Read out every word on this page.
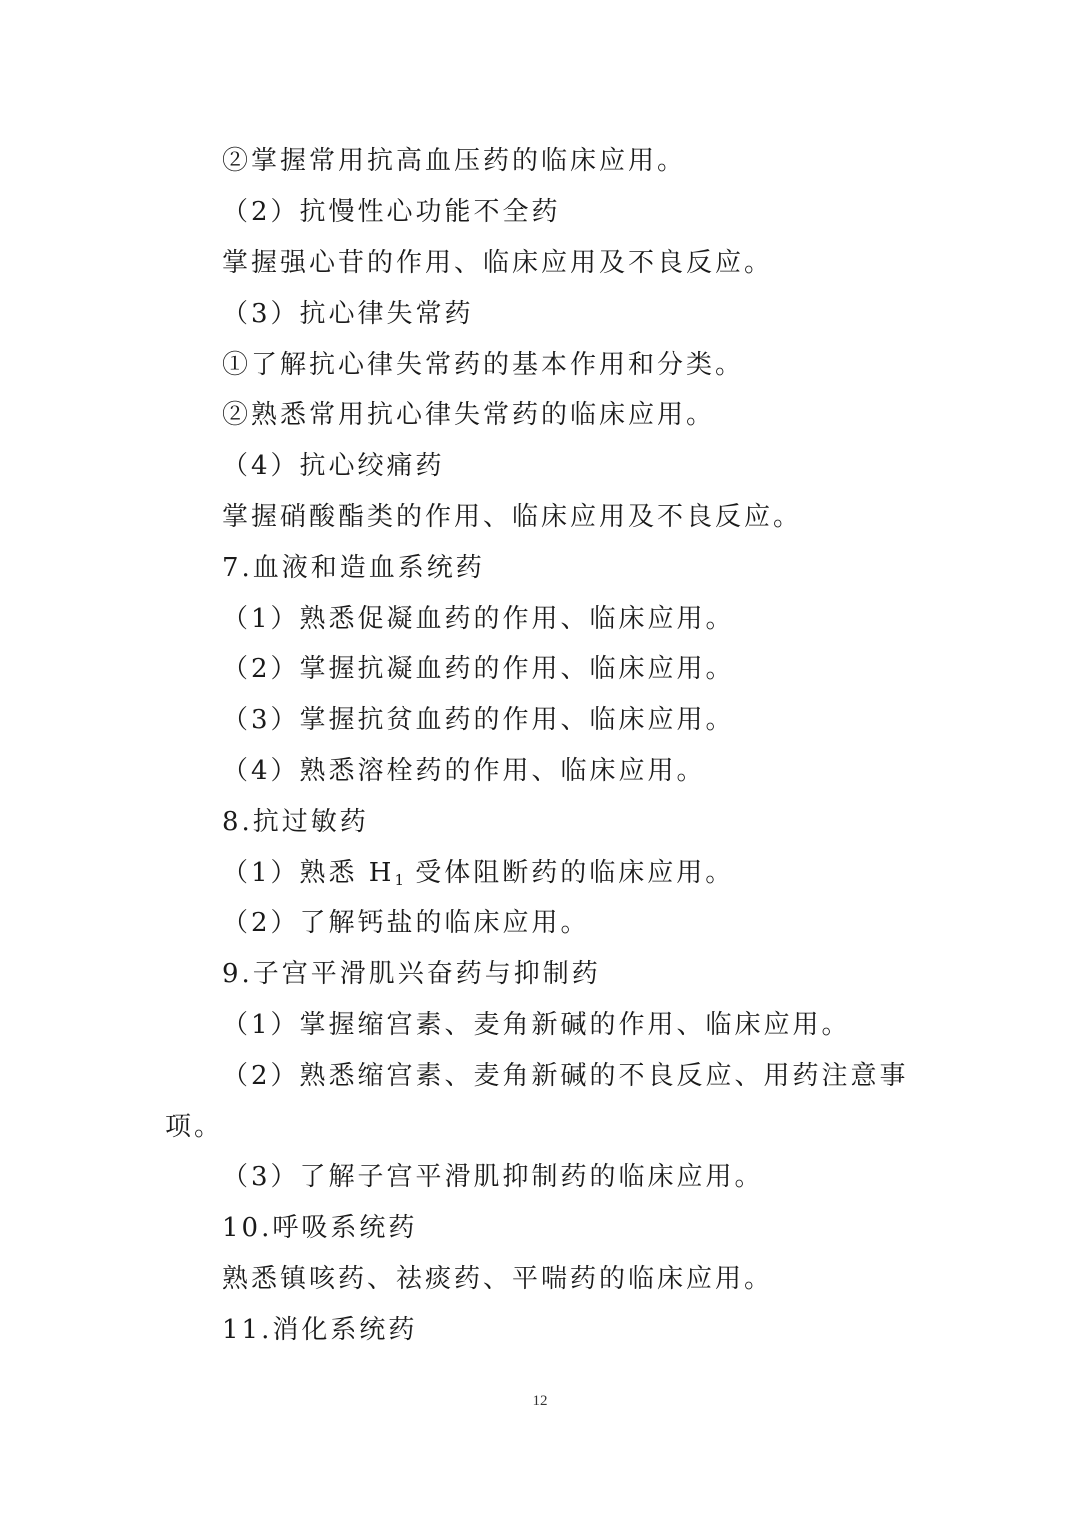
②掌握常用抗高血压药的临床应用。
（2）抗慢性心功能不全药
掌握强心苷的作用、临床应用及不良反应。
（3）抗心律失常药
①了解抗心律失常药的基本作用和分类。
②熟悉常用抗心律失常药的临床应用。
（4）抗心绞痛药
掌握硝酸酯类的作用、临床应用及不良反应。
7.血液和造血系统药
（1）熟悉促凝血药的作用、临床应用。
（2）掌握抗凝血药的作用、临床应用。
（3）掌握抗贫血药的作用、临床应用。
（4）熟悉溶栓药的作用、临床应用。
8.抗过敏药
（1）熟悉 $H_1$ 受体阻断药的临床应用。
（2）了解钙盐的临床应用。
9.子宫平滑肌兴奋药与抑制药
（1）掌握缩宫素、麦角新碱的作用、临床应用。
（2）熟悉缩宫素、麦角新碱的不良反应、用药注意事
项。
（3）了解子宫平滑肌抑制药的临床应用。
10.呼吸系统药
熟悉镇咳药、祛痰药、平喘药的临床应用。
11.消化系统药
12
